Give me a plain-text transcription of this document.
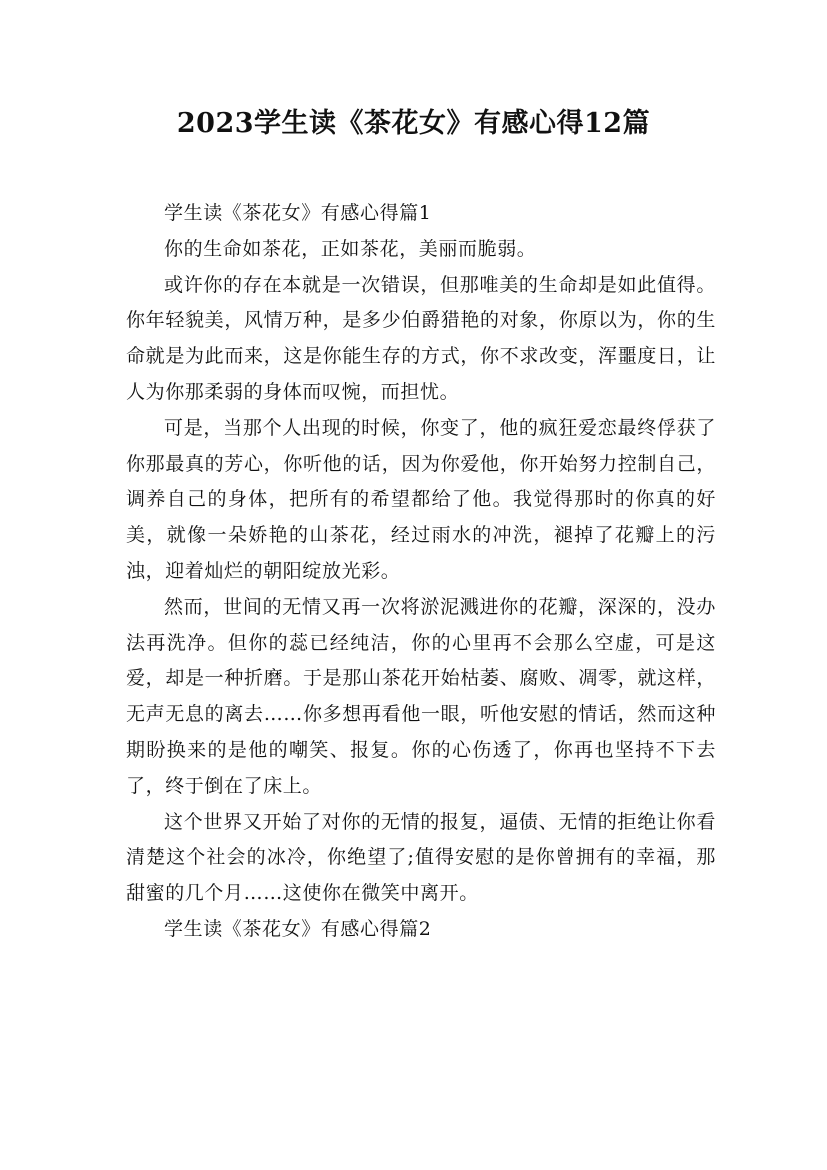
2023学生读《茶花女》有感心得12篇

学生读《茶花女》有感心得篇1

你的生命如茶花，正如茶花，美丽而脆弱。

或许你的存在本就是一次错误，但那唯美的生命却是如此值得。你年轻貌美，风情万种，是多少伯爵猎艳的对象，你原以为，你的生命就是为此而来，这是你能生存的方式，你不求改变，浑噩度日，让人为你那柔弱的身体而叹惋，而担忧。

可是，当那个人出现的时候，你变了，他的疯狂爱恋最终俘获了你那最真的芳心，你听他的话，因为你爱他，你开始努力控制自己，调养自己的身体，把所有的希望都给了他。我觉得那时的你真的好美，就像一朵娇艳的山茶花，经过雨水的冲洗，褪掉了花瓣上的污浊，迎着灿烂的朝阳绽放光彩。

然而，世间的无情又再一次将淤泥溅进你的花瓣，深深的，没办法再洗净。但你的蕊已经纯洁，你的心里再不会那么空虚，可是这爱，却是一种折磨。于是那山茶花开始枯萎、腐败、凋零，就这样，无声无息的离去……你多想再看他一眼，听他安慰的情话，然而这种期盼换来的是他的嘲笑、报复。你的心伤透了，你再也坚持不下去了，终于倒在了床上。

这个世界又开始了对你的无情的报复，逼债、无情的拒绝让你看清楚这个社会的冰冷，你绝望了;值得安慰的是你曾拥有的幸福，那甜蜜的几个月……这使你在微笑中离开。

学生读《茶花女》有感心得篇2
